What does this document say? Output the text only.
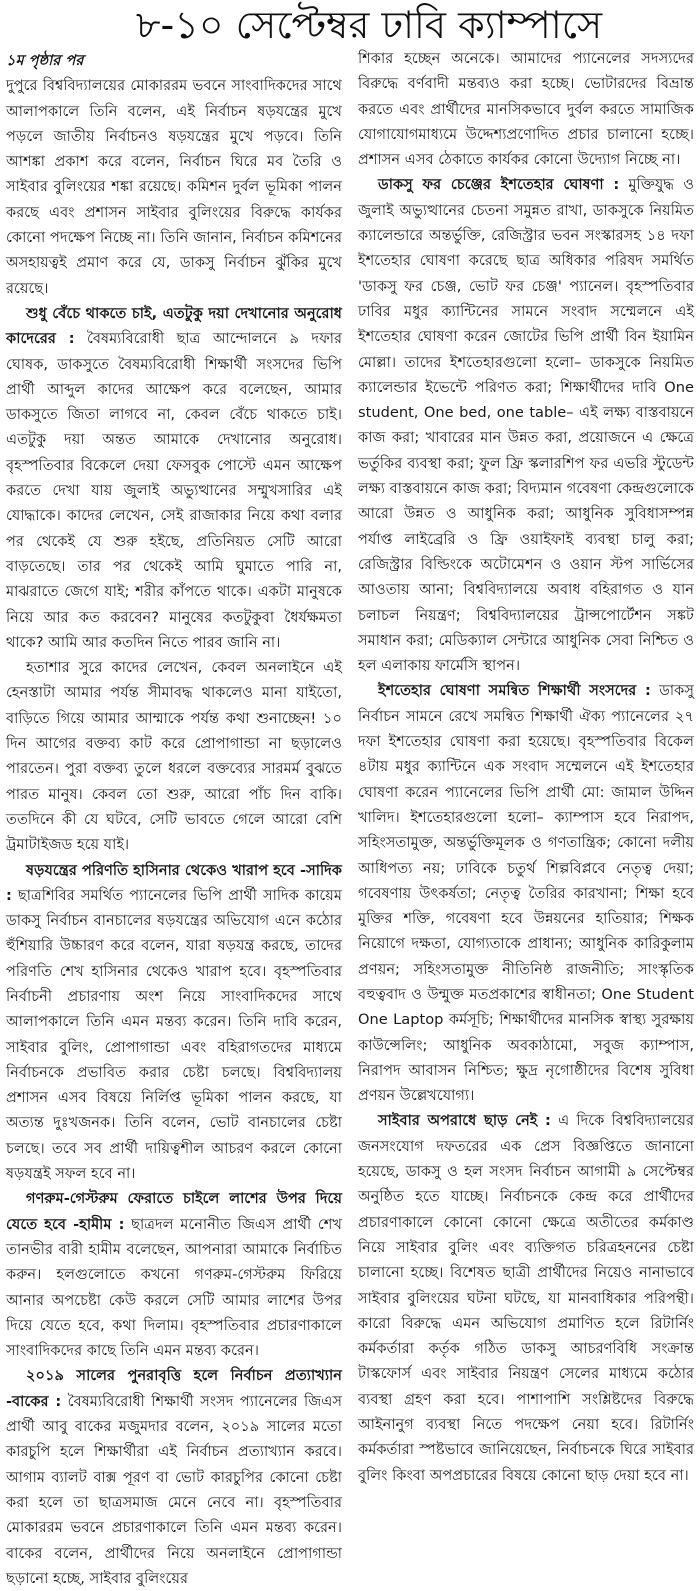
৮-১০ সেপ্টেম্বর ঢাবি ক্যাম্পাসে
১ম পৃষ্ঠার পর

দুপুরে বিশ্ববিদ্যালয়ের মোকাররম ভবনে সাংবাদিকদের সাথে আলাপকালে তিনি বলেন, এই নির্বাচন ষড়যন্ত্রের মুখে পড়লে জাতীয় নির্বাচনও ষড়যন্ত্রের মুখে পড়বে। তিনি আশঙ্কা প্রকাশ করে বলেন, নির্বাচন ঘিরে মব তৈরি ও সাইবার বুলিংয়ের শঙ্কা রয়েছে। কমিশন দুর্বল ভূমিকা পালন করছে এবং প্রশাসন সাইবার বুলিংয়ের বিরুদ্ধে কার্যকর কোনো পদক্ষেপ নিচ্ছে না। তিনি জানান, নির্বাচন কমিশনের অসহায়ত্বই প্রমাণ করে যে, ডাকসু নির্বাচন ঝুঁকির মুখে রয়েছে।

শুধু বেঁচে থাকতে চাই, এতটুকু দয়া দেখানোর অনুরোধ কাদেরের : বৈষম্যবিরোধী ছাত্র আন্দোলনে ৯ দফার ঘোষক, ডাকসুতে বৈষম্যবিরোধী শিক্ষার্থী সংসদের ভিপি প্রার্থী আব্দুল কাদের আক্ষেপ করে বলেছেন, আমার ডাকসুতে জিতা লাগবে না, কেবল বেঁচে থাকতে চাই। এতটুকু দয়া অন্তত আমাকে দেখানোর অনুরোধ। বৃহস্পতিবার বিকেলে দেয়া ফেসবুক পোস্টে এমন আক্ষেপ করতে দেখা যায় জুলাই অভ্যুত্থানের সম্মুখসারির এই যোদ্ধাকে। কাদের লেখেন, সেই রাজাকার নিয়ে কথা বলার পর থেকেই যে শুরু হইছে, প্রতিনিয়ত সেটি আরো বাড়তেছে। তার পর থেকেই আমি ঘুমাতে পারি না, মাঝরাতে জেগে যাই; শরীর কাঁপতে থাকে। একটা মানুষকে নিয়ে আর কত করবেন? মানুষের কতটুকুবা ধৈর্যক্ষমতা থাকে? আমি আর কতদিন নিতে পারব জানি না।

হতাশার সুরে কাদের লেখেন, কেবল অনলাইনে এই হেনস্তাটা আমার পর্যন্ত সীমাবদ্ধ থাকলেও মানা যাইতো, বাড়িতে গিয়ে আমার আম্মাকে পর্যন্ত কথা শুনাচ্ছেন! ১০ দিন আগের বক্তব্য কাট করে প্রোপাগান্ডা না ছড়ালেও পারতেন। পুরা বক্তব্য তুলে ধরলে বক্তব্যের সারমর্ম বুঝতে পারত মানুষ। কেবল তো শুরু, আরো পাঁচ দিন বাকি। ততদিনে কী যে ঘটবে, সেটি ভাবতে গেলে আরো বেশি ট্রমাটাইজড হয়ে যাই।

ষড়যন্ত্রের পরিণতি হাসিনার থেকেও খারাপ হবে -সাদিক : ছাত্রশিবির সমর্থিত প্যানেলের ভিপি প্রার্থী সাদিক কায়েম ডাকসু নির্বাচন বানচালের ষড়যন্ত্রের অভিযোগ এনে কঠোর হুঁশিয়ারি উচ্চারণ করে বলেন, যারা ষড়যন্ত্র করছে, তাদের পরিণতি শেখ হাসিনার থেকেও খারাপ হবে। বৃহস্পতিবার নির্বাচনী প্রচারণায় অংশ নিয়ে সাংবাদিকদের সাথে আলাপকালে তিনি এমন মন্তব্য করেন। তিনি দাবি করেন, সাইবার বুলিং, প্রোপাগান্ডা এবং বহিরাগতদের মাধ্যমে নির্বাচনকে প্রভাবিত করার চেষ্টা চলছে। বিশ্ববিদ্যালয় প্রশাসন এসব বিষয়ে নির্লিপ্ত ভূমিকা পালন করছে, যা অত্যন্ত দুঃখজনক। তিনি বলেন, ভোট বানচালের চেষ্টা চলছে। তবে সব প্রার্থী দায়িত্বশীল আচরণ করলে কোনো ষড়যন্ত্রই সফল হবে না।

গণরুম-গেস্টরুম ফেরাতে চাইলে লাশের উপর দিয়ে যেতে হবে -হামীম : ছাত্রদল মনোনীত জিএস প্রার্থী শেখ তানভীর বারী হামীম বলেছেন, আপনারা আমাকে নির্বাচিত করুন। হলগুলোতে কখনো গণরুম-গেস্টরুম ফিরিয়ে আনার অপচেষ্টা কেউ করলে সেটি আমার লাশের উপর দিয়ে যেতে হবে, কথা দিলাম। বৃহস্পতিবার প্রচারণাকালে সাংবাদিকদের কাছে তিনি এমন মন্তব্য করেন।

২০১৯ সালের পুনরাবৃত্তি হলে নির্বাচন প্রত্যাখ্যান -বাকের : বৈষম্যবিরোধী শিক্ষার্থী সংসদ প্যানেলের জিএস প্রার্থী আবু বাকের মজুমদার বলেন, ২০১৯ সালের মতো কারচুপি হলে শিক্ষার্থীরা এই নির্বাচন প্রত্যাখ্যান করবে। আগাম ব্যালট বাক্স পূরণ বা ভোট কারচুপির কোনো চেষ্টা করা হলে তা ছাত্রসমাজ মেনে নেবে না। বৃহস্পতিবার মোকাররম ভবনে প্রচারণাকালে তিনি এমন মন্তব্য করেন। বাকের বলেন, প্রার্থীদের নিয়ে অনলাইনে প্রোপাগান্ডা ছড়ানো হচ্ছে, সাইবার বুলিংয়ের

শিকার হচ্ছেন অনেকে। আমাদের প্যানেলের সদস্যদের বিরুদ্ধে বর্ণবাদী মন্তব্যও করা হচ্ছে। ভোটারদের বিভ্রান্ত করতে এবং প্রার্থীদের মানসিকভাবে দুর্বল করতে সামাজিক যোগাযোগমাধ্যমে উদ্দেশ্যপ্রণোদিত প্রচার চালানো হচ্ছে। প্রশাসন এসব ঠেকাতে কার্যকর কোনো উদ্যোগ নিচ্ছে না।

ডাকসু ফর চেঞ্জের ইশতেহার ঘোষণা : মুক্তিযুদ্ধ ও জুলাই অভ্যুত্থানের চেতনা সমুন্নত রাখা, ডাকসুকে নিয়মিত ক্যালেন্ডারে অন্তর্ভুক্তি, রেজিস্ট্রার ভবন সংস্কারসহ ১৪ দফা ইশতেহার ঘোষণা করেছে ছাত্র অধিকার পরিষদ সমর্থিত 'ডাকসু ফর চেঞ্জ, ভোট ফর চেঞ্জ' প্যানেল। বৃহস্পতিবার ঢাবির মধুর ক্যান্টিনের সামনে সংবাদ সম্মেলনে এই ইশতেহার ঘোষণা করেন জোটের ভিপি প্রার্থী বিন ইয়ামিন মোল্লা। তাদের ইশতেহারগুলো হলো– ডাকসুকে নিয়মিত ক্যালেন্ডার ইভেন্টে পরিণত করা; শিক্ষার্থীদের দাবি One student, One bed, one table– এই লক্ষ্য বাস্তবায়নে কাজ করা; খাবারের মান উন্নত করা, প্রয়োজনে এ ক্ষেত্রে ভর্তুকির ব্যবস্থা করা; ফুল ফ্রি স্কলারশিপ ফর এভরি স্টুডেন্ট লক্ষ্য বাস্তবায়নে কাজ করা; বিদ্যমান গবেষণা কেন্দ্রগুলোকে আরো উন্নত ও আধুনিক করা; আধুনিক সুবিধাসম্পন্ন পর্যাপ্ত লাইব্রেরি ও ফ্রি ওয়াইফাই ব্যবস্থা চালু করা; রেজিস্ট্রার বিল্ডিংকে অটোমেশন ও ওয়ান স্টপ সার্ভিসের আওতায় আনা; বিশ্ববিদ্যালয়ে অবাধ বহিরাগত ও যান চলাচল নিয়ন্ত্রণ; বিশ্ববিদ্যালয়ের ট্রান্সপোর্টেশন সঙ্কট সমাধান করা; মেডিক্যাল সেন্টারে আধুনিক সেবা নিশ্চিত ও হল এলাকায় ফার্মেসি স্থাপন।

ইশতেহার ঘোষণা সমন্বিত শিক্ষার্থী সংসদের : ডাকসু নির্বাচন সামনে রেখে সমন্বিত শিক্ষার্থী ঐক্য প্যানেলের ২৭ দফা ইশতেহার ঘোষণা করা হয়েছে। বৃহস্পতিবার বিকেল ৪টায় মধুর ক্যান্টিনে এক সংবাদ সম্মেলনে এই ইশতেহার ঘোষণা করেন প্যানেলের ভিপি প্রার্থী মো: জামাল উদ্দিন খালিদ। ইশতেহারগুলো হলো– ক্যাম্পাস হবে নিরাপদ, সহিংসতামুক্ত, অন্তর্ভুক্তিমূলক ও গণতান্ত্রিক; কোনো দলীয় আধিপত্য নয়; ঢাবিকে চতুর্থ শিল্পবিপ্লবে নেতৃত্ব দেয়া; গবেষণায় উৎকর্ষতা; নেতৃত্ব তৈরির কারখানা; শিক্ষা হবে মুক্তির শক্তি, গবেষণা হবে উন্নয়নের হাতিয়ার; শিক্ষক নিয়োগে দক্ষতা, যোগ্যতাকে প্রাধান্য; আধুনিক কারিকুলাম প্রণয়ন; সহিংসতামুক্ত নীতিনিষ্ঠ রাজনীতি; সাংস্কৃতিক বহুত্ববাদ ও উন্মুক্ত মতপ্রকাশের স্বাধীনতা; One Student One Laptop কর্মসূচি; শিক্ষার্থীদের মানসিক স্বাস্থ্য সুরক্ষায় কাউন্সেলিং; আধুনিক অবকাঠামো, সবুজ ক্যাম্পাস, নিরাপদ আবাসন নিশ্চিত; ক্ষুদ্র নৃগোষ্ঠীদের বিশেষ সুবিধা প্রণয়ন উল্লেখযোগ্য।

সাইবার অপরাধে ছাড় নেই : এ দিকে বিশ্ববিদ্যালয়ের জনসংযোগ দফতরের এক প্রেস বিজ্ঞপ্তিতে জানানো হয়েছে, ডাকসু ও হল সংসদ নির্বাচন আগামী ৯ সেপ্টেম্বর অনুষ্ঠিত হতে যাচ্ছে। নির্বাচনকে কেন্দ্র করে প্রার্থীদের প্রচারণাকালে কোনো কোনো ক্ষেত্রে অতীতের কর্মকাণ্ড নিয়ে সাইবার বুলিং এবং ব্যক্তিগত চরিত্রহননের চেষ্টা চালানো হচ্ছে। বিশেষত ছাত্রী প্রার্থীদের নিয়েও নানাভাবে সাইবার বুলিংয়ের ঘটনা ঘটছে, যা মানবাধিকার পরিপন্থী। কারো বিরুদ্ধে এমন অভিযোগ প্রমাণিত হলে রিটার্নিং কর্মকর্তারা কর্তৃক গঠিত ডাকসু আচরণবিধি সংক্রান্ত টাস্কফোর্স এবং সাইবার নিয়ন্ত্রণ সেলের মাধ্যমে কঠোর ব্যবস্থা গ্রহণ করা হবে। পাশাপাশি সংশ্লিষ্টদের বিরুদ্ধে আইনানুগ ব্যবস্থা নিতে পদক্ষেপ নেয়া হবে। রিটার্নিং কর্মকর্তারা স্পষ্টভাবে জানিয়েছেন, নির্বাচনকে ঘিরে সাইবার বুলিং কিংবা অপপ্রচারের বিষয়ে কোনো ছাড় দেয়া হবে না।
